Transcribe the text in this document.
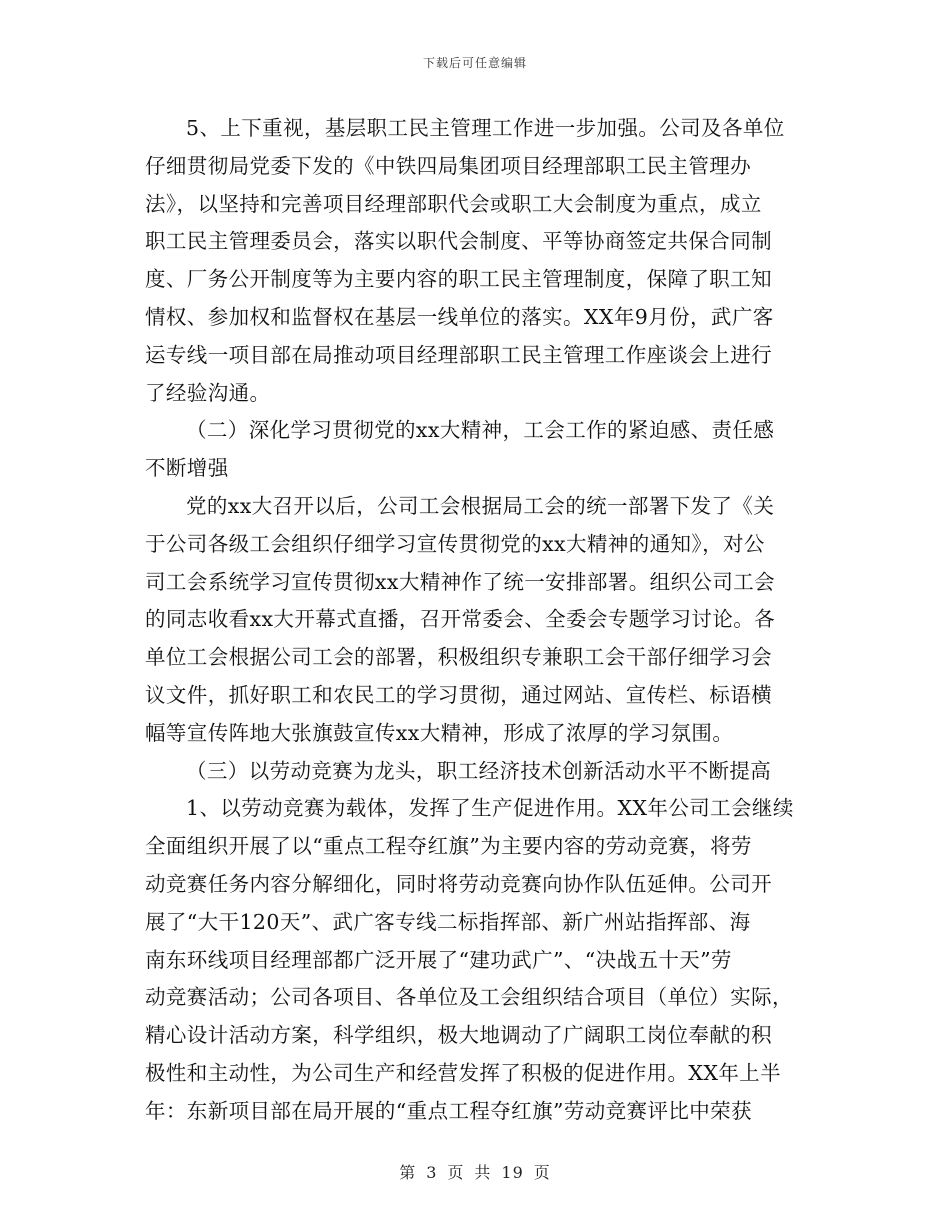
下载后可任意编辑
5、上下重视，基层职工民主管理工作进一步加强。公司及各单位
仔细贯彻局党委下发的《中铁四局集团项目经理部职工民主管理办
法》，以坚持和完善项目经理部职代会或职工大会制度为重点，成立
职工民主管理委员会，落实以职代会制度、平等协商签定共保合同制
度、厂务公开制度等为主要内容的职工民主管理制度，保障了职工知
情权、参加权和监督权在基层一线单位的落实。XX年9月份，武广客
运专线一项目部在局推动项目经理部职工民主管理工作座谈会上进行
了经验沟通。
（二）深化学习贯彻党的xx大精神，工会工作的紧迫感、责任感
不断增强
党的xx大召开以后，公司工会根据局工会的统一部署下发了《关
于公司各级工会组织仔细学习宣传贯彻党的xx大精神的通知》，对公
司工会系统学习宣传贯彻xx大精神作了统一安排部署。组织公司工会
的同志收看xx大开幕式直播，召开常委会、全委会专题学习讨论。各
单位工会根据公司工会的部署，积极组织专兼职工会干部仔细学习会
议文件，抓好职工和农民工的学习贯彻，通过网站、宣传栏、标语横
幅等宣传阵地大张旗鼓宣传xx大精神，形成了浓厚的学习氛围。
（三）以劳动竞赛为龙头，职工经济技术创新活动水平不断提高
1、以劳动竞赛为载体，发挥了生产促进作用。XX年公司工会继续
全面组织开展了以“重点工程夺红旗”为主要内容的劳动竞赛，将劳
动竞赛任务内容分解细化，同时将劳动竞赛向协作队伍延伸。公司开
展了“大干120天”、武广客专线二标指挥部、新广州站指挥部、海
南东环线项目经理部都广泛开展了“建功武广”、“决战五十天”劳
动竞赛活动；公司各项目、各单位及工会组织结合项目（单位）实际，
精心设计活动方案，科学组织，极大地调动了广阔职工岗位奉献的积
极性和主动性，为公司生产和经营发挥了积极的促进作用。XX年上半
年：东新项目部在局开展的“重点工程夺红旗”劳动竞赛评比中荣获
第 3 页 共 19 页
